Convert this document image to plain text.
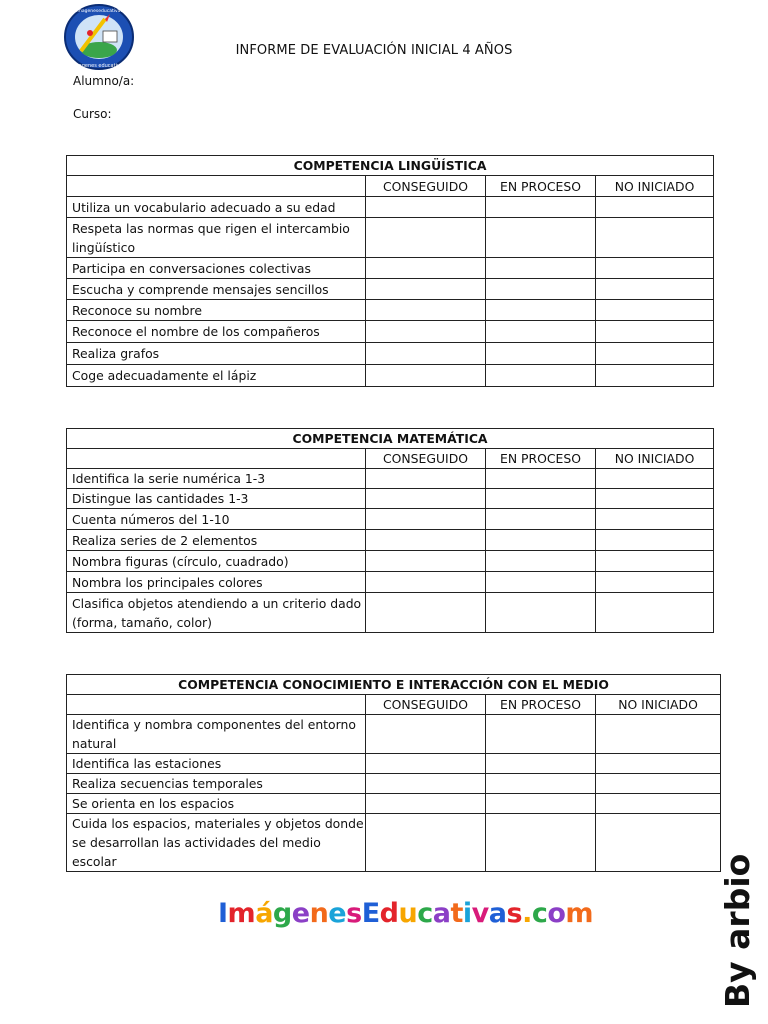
www.imageneseducativas.com
imagenes educativas
INFORME DE EVALUACIÓN INICIAL 4 AÑOS
Alumno/a:
Curso:
COMPETENCIA LINGÜÍSTICA			
	CONSEGUIDO	EN PROCESO	NO INICIADO
Utiliza un vocabulario adecuado a su edad			
Respeta las normas que rigen el intercambio lingüístico			
Participa en conversaciones colectivas			
Escucha y comprende mensajes sencillos			
Reconoce su nombre			
Reconoce el nombre de los compañeros			
Realiza grafos			
Coge adecuadamente el lápiz			
COMPETENCIA MATEMÁTICA			
	CONSEGUIDO	EN PROCESO	NO INICIADO
Identifica la serie numérica 1-3			
Distingue las cantidades 1-3			
Cuenta números del 1-10			
Realiza series de 2 elementos			
Nombra figuras (círculo, cuadrado)			
Nombra los principales colores			
Clasifica objetos atendiendo a un criterio dado (forma, tamaño, color)			
COMPETENCIA CONOCIMIENTO E INTERACCIÓN CON EL MEDIO			
	CONSEGUIDO	EN PROCESO	NO INICIADO
Identifica y nombra componentes del entorno natural			
Identifica las estaciones			
Realiza secuencias temporales			
Se orienta en los espacios			
Cuida los espacios, materiales y objetos donde se desarrollan las actividades del medio escolar			
ImágenesEducativas.com	By arbio
